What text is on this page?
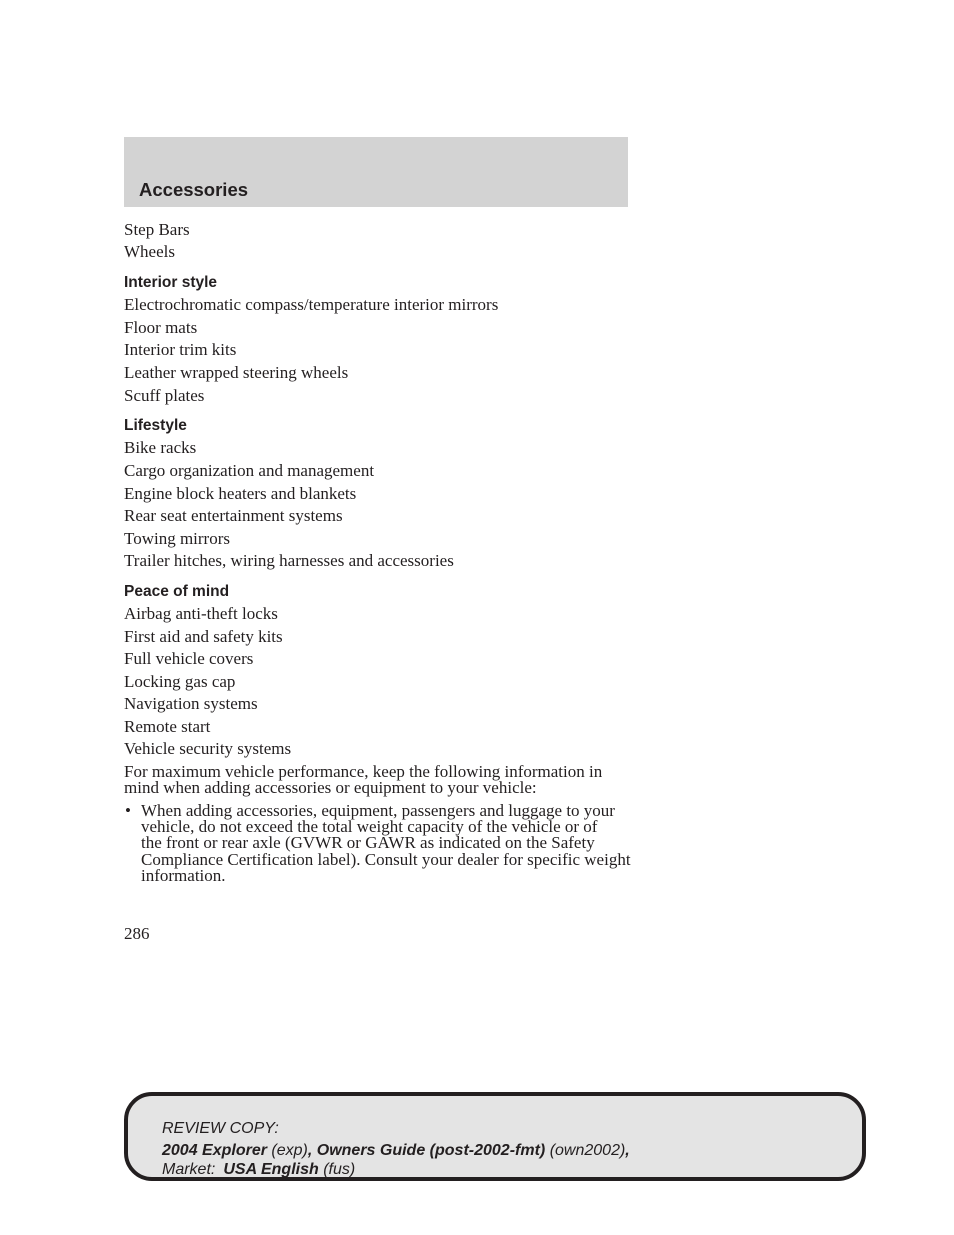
Accessories
Step Bars
Wheels
Interior style
Electrochromatic compass/temperature interior mirrors
Floor mats
Interior trim kits
Leather wrapped steering wheels
Scuff plates
Lifestyle
Bike racks
Cargo organization and management
Engine block heaters and blankets
Rear seat entertainment systems
Towing mirrors
Trailer hitches, wiring harnesses and accessories
Peace of mind
Airbag anti-theft locks
First aid and safety kits
Full vehicle covers
Locking gas cap
Navigation systems
Remote start
Vehicle security systems
For maximum vehicle performance, keep the following information in
mind when adding accessories or equipment to your vehicle:
• When adding accessories, equipment, passengers and luggage to your
vehicle, do not exceed the total weight capacity of the vehicle or of
the front or rear axle (GVWR or GAWR as indicated on the Safety
Compliance Certification label). Consult your dealer for specific weight
information.
286
REVIEW COPY:
2004 Explorer (exp), Owners Guide (post-2002-fmt) (own2002),
Market: USA English (fus)
